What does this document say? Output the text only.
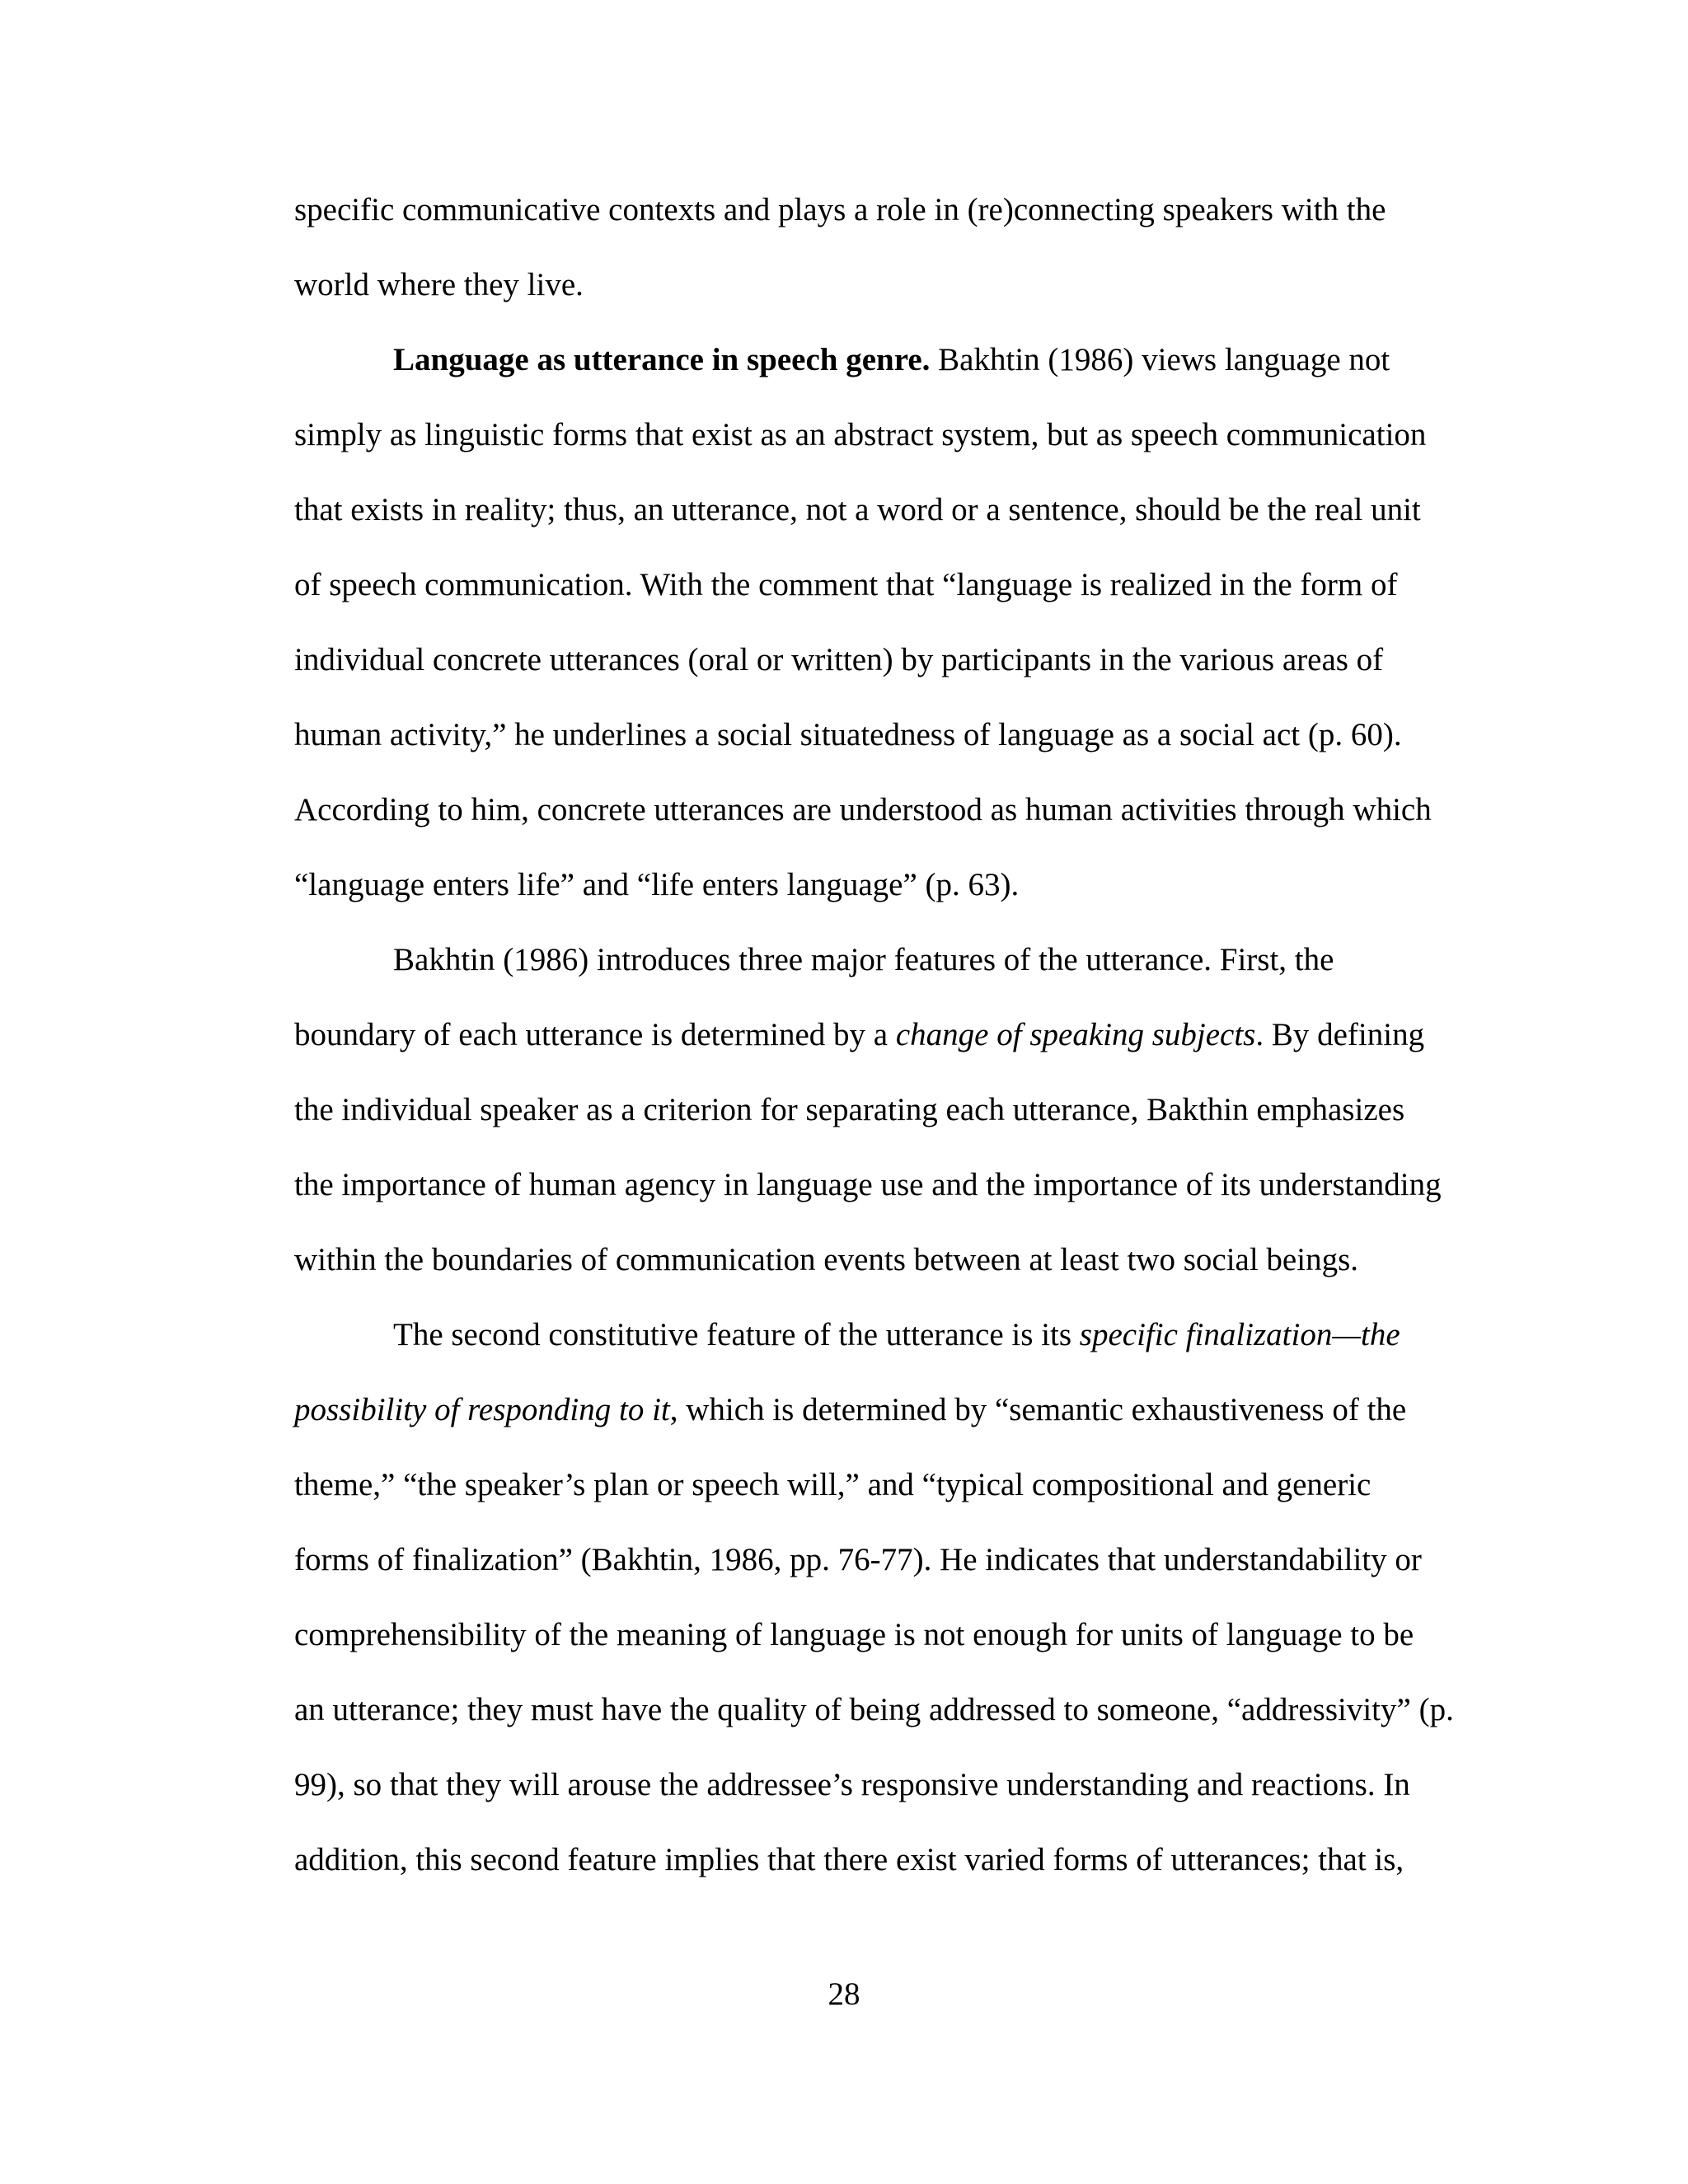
specific communicative contexts and plays a role in (re)connecting speakers with the
world where they live.
Language as utterance in speech genre. Bakhtin (1986) views language not
simply as linguistic forms that exist as an abstract system, but as speech communication
that exists in reality; thus, an utterance, not a word or a sentence, should be the real unit
of speech communication. With the comment that “language is realized in the form of
individual concrete utterances (oral or written) by participants in the various areas of
human activity,” he underlines a social situatedness of language as a social act (p. 60).
According to him, concrete utterances are understood as human activities through which
“language enters life” and “life enters language” (p. 63).
Bakhtin (1986) introduces three major features of the utterance. First, the
boundary of each utterance is determined by a change of speaking subjects. By defining
the individual speaker as a criterion for separating each utterance, Bakthin emphasizes
the importance of human agency in language use and the importance of its understanding
within the boundaries of communication events between at least two social beings.
The second constitutive feature of the utterance is its specific finalization—the
possibility of responding to it, which is determined by “semantic exhaustiveness of the
theme,” “the speaker’s plan or speech will,” and “typical compositional and generic
forms of finalization” (Bakhtin, 1986, pp. 76-77). He indicates that understandability or
comprehensibility of the meaning of language is not enough for units of language to be
an utterance; they must have the quality of being addressed to someone, “addressivity” (p.
99), so that they will arouse the addressee’s responsive understanding and reactions. In
addition, this second feature implies that there exist varied forms of utterances; that is,
28
